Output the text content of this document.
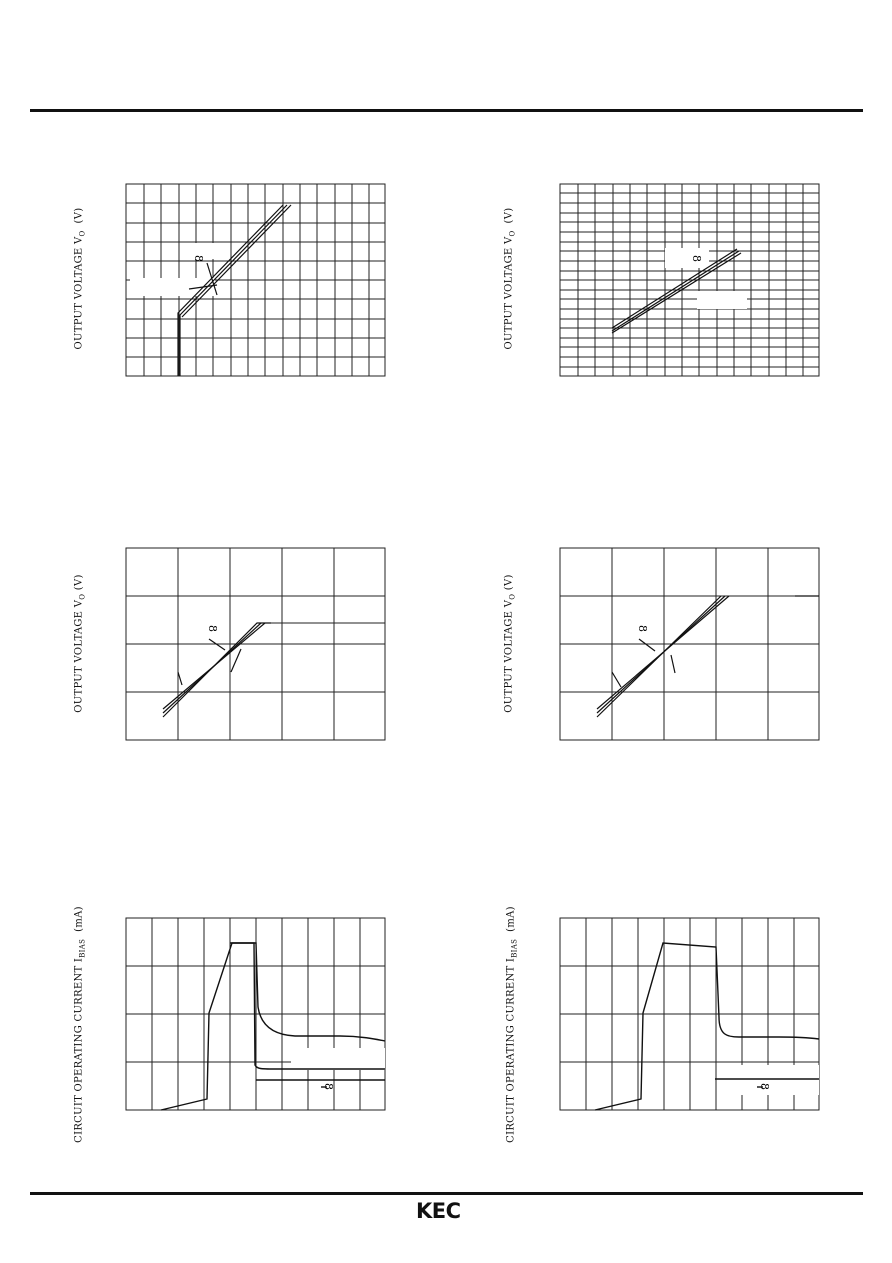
OUTPUT VOLTAGE $V_O$  (V)
8	OUTPUT VOLTAGE $V_O$  (V)
8
OUTPUT VOLTAGE $V_O$ (V)
8	OUTPUT VOLTAGE $V_O$ (V)
8
CIRCUIT OPERATING CURRENT $I_{BIAS}$  (mA)
8	CIRCUIT OPERATING CURRENT $I_{BIAS}$  (mA)
8
KEC
